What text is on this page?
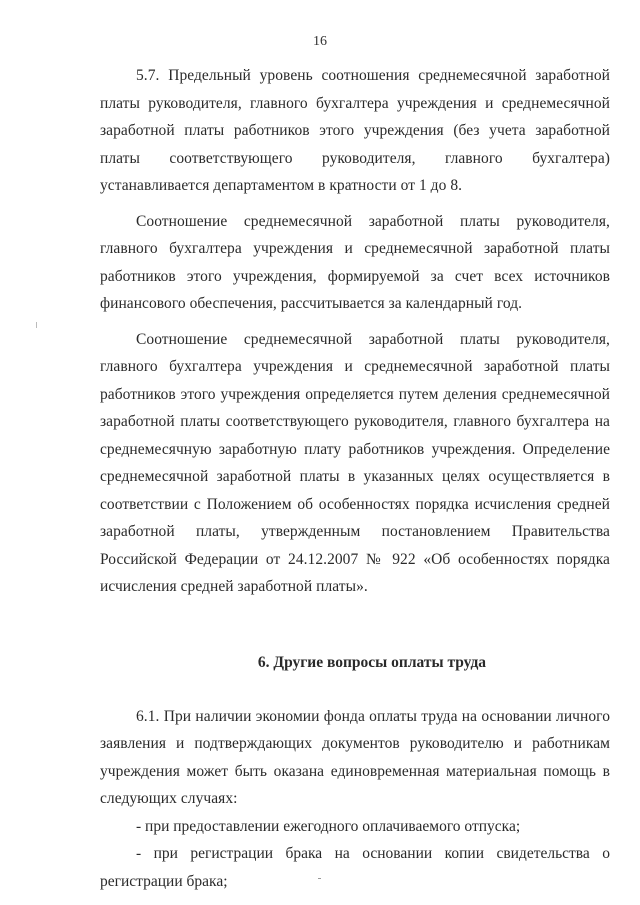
16

5.7. Предельный уровень соотношения среднемесячной заработной платы руководителя, главного бухгалтера учреждения и среднемесячной заработной платы работников этого учреждения (без учета заработной платы соответствующего руководителя, главного бухгалтера) устанавливается департаментом в кратности от 1 до 8.

Соотношение среднемесячной заработной платы руководителя, главного бухгалтера учреждения и среднемесячной заработной платы работников этого учреждения, формируемой за счет всех источников финансового обеспечения, рассчитывается за календарный год.

Соотношение среднемесячной заработной платы руководителя, главного бухгалтера учреждения и среднемесячной заработной платы работников этого учреждения определяется путем деления среднемесячной заработной платы соответствующего руководителя, главного бухгалтера на среднемесячную заработную плату работников учреждения. Определение среднемесячной заработной платы в указанных целях осуществляется в соответствии с Положением об особенностях порядка исчисления средней заработной платы, утвержденным постановлением Правительства Российской Федерации от 24.12.2007 № 922 «Об особенностях порядка исчисления средней заработной платы».

6. Другие вопросы оплаты труда

6.1. При наличии экономии фонда оплаты труда на основании личного заявления и подтверждающих документов руководителю и работникам учреждения может быть оказана единовременная материальная помощь в следующих случаях:

- при предоставлении ежегодного оплачиваемого отпуска;

- при регистрации брака на основании копии свидетельства о регистрации брака;
